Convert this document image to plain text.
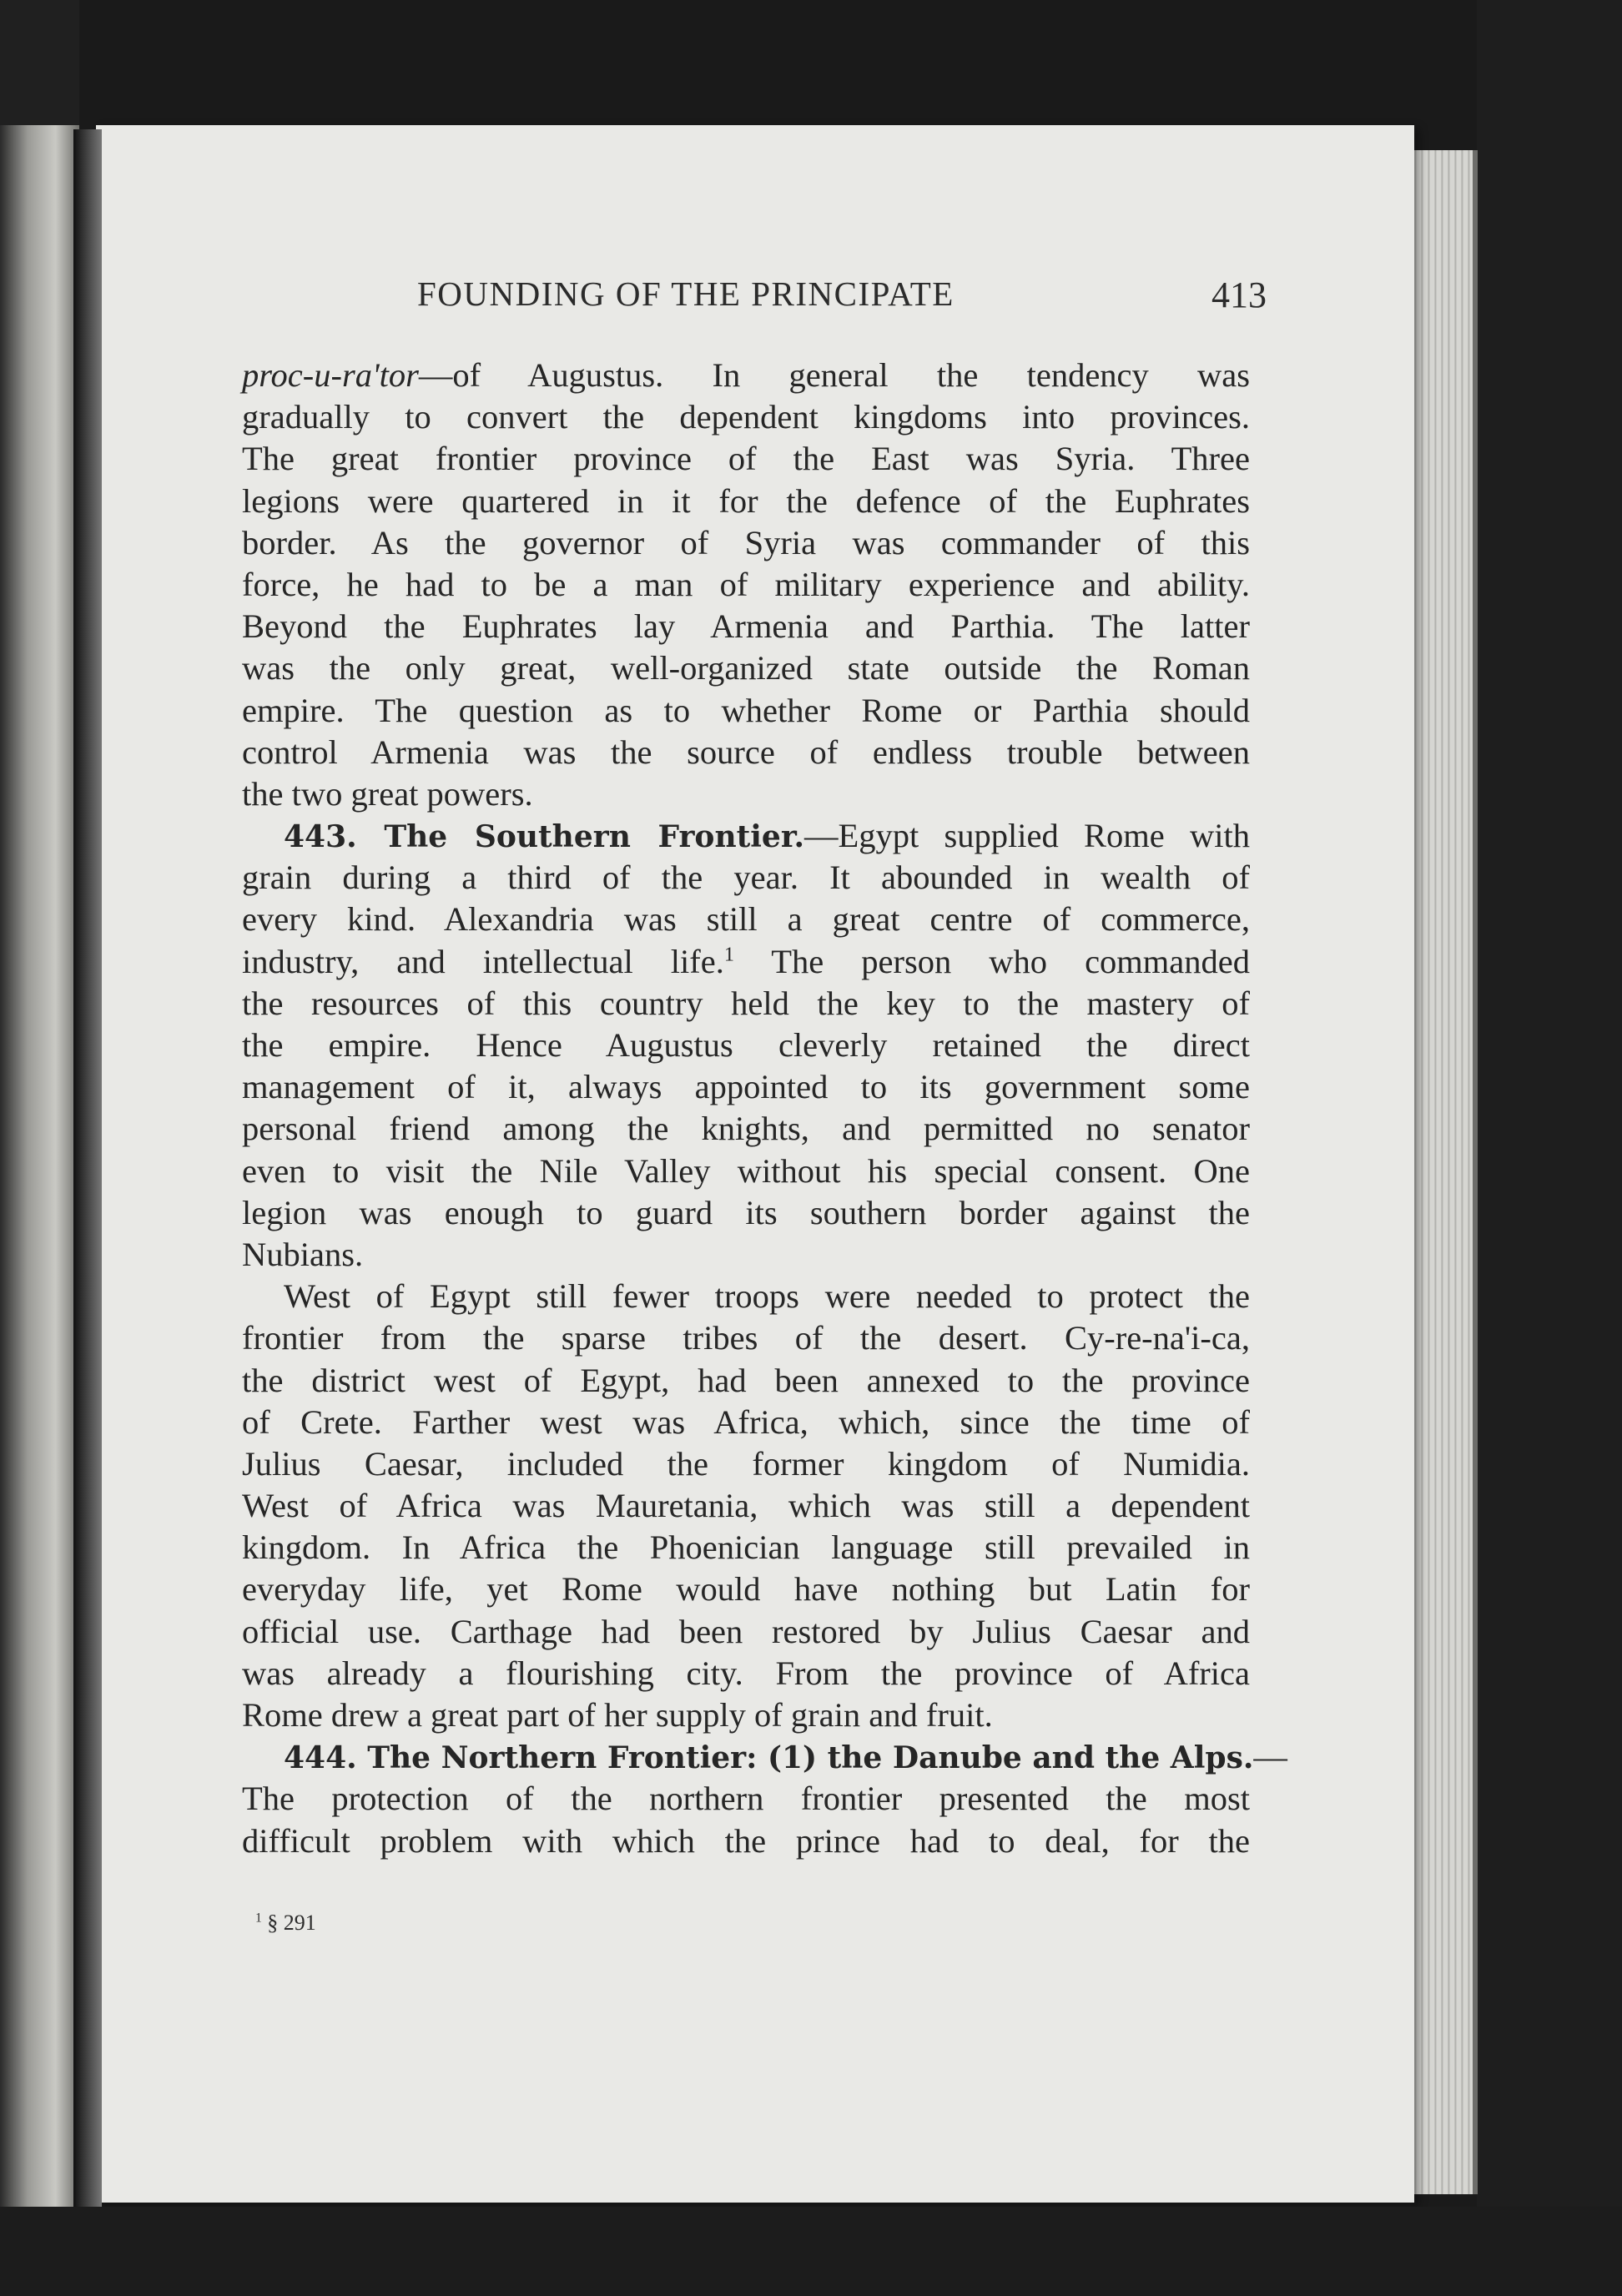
FOUNDING OF THE PRINCIPATE	413
proc-u-ra'tor—of Augustus. In general the tendency was
gradually to convert the dependent kingdoms into provinces.
The great frontier province of the East was Syria. Three
legions were quartered in it for the defence of the Euphrates
border. As the governor of Syria was commander of this
force, he had to be a man of military experience and ability.
Beyond the Euphrates lay Armenia and Parthia. The latter
was the only great, well-organized state outside the Roman
empire. The question as to whether Rome or Parthia should
control Armenia was the source of endless trouble between
the two great powers.
443. The Southern Frontier.—Egypt supplied Rome with
grain during a third of the year. It abounded in wealth of
every kind. Alexandria was still a great centre of commerce,
industry, and intellectual life.$^1$ The person who commanded
the resources of this country held the key to the mastery of
the empire. Hence Augustus cleverly retained the direct
management of it, always appointed to its government some
personal friend among the knights, and permitted no senator
even to visit the Nile Valley without his special consent. One
legion was enough to guard its southern border against the
Nubians.
West of Egypt still fewer troops were needed to protect the
frontier from the sparse tribes of the desert. Cy-re-na'i-ca,
the district west of Egypt, had been annexed to the province
of Crete. Farther west was Africa, which, since the time of
Julius Caesar, included the former kingdom of Numidia.
West of Africa was Mauretania, which was still a dependent
kingdom. In Africa the Phoenician language still prevailed in
everyday life, yet Rome would have nothing but Latin for
official use. Carthage had been restored by Julius Caesar and
was already a flourishing city. From the province of Africa
Rome drew a great part of her supply of grain and fruit.
444. The Northern Frontier: (1) the Danube and the Alps.—
The protection of the northern frontier presented the most
difficult problem with which the prince had to deal, for the
$^1$ § 291
